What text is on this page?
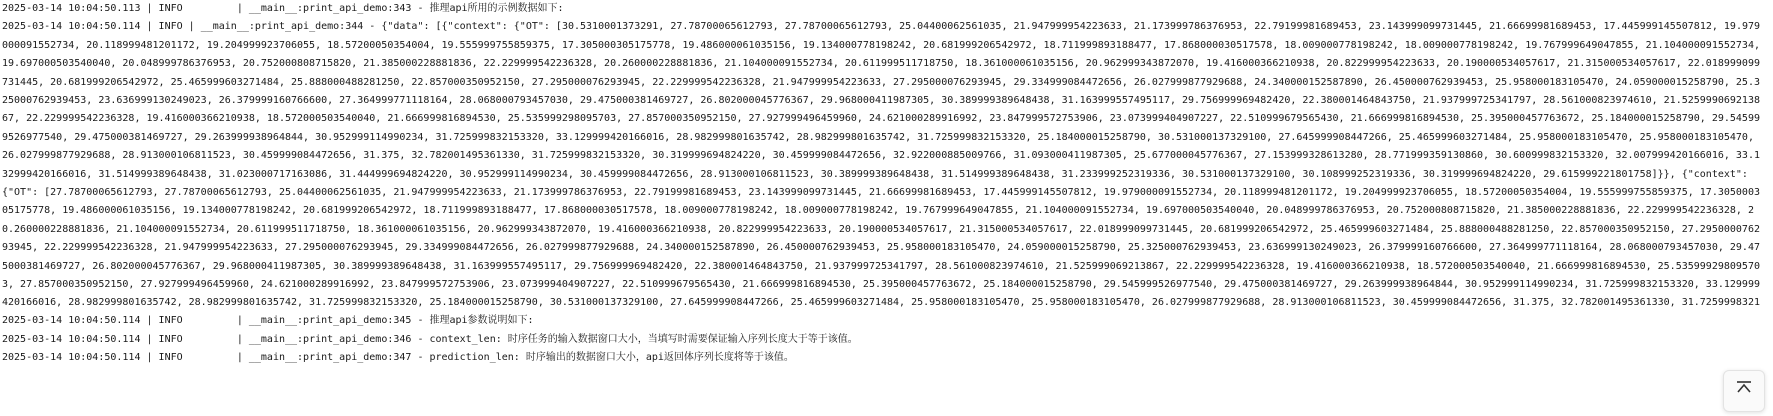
2025-03-14 10:04:50.113 | INFO	| __main__:print_api_demo:343 - 推理api所用的示例数据如下:
2025-03-14 10:04:50.114 | INFO | __main__:print_api_demo:344 - {"data": [{"context": {"OT": [30.5310001373291, 27.78700065612793, 27.78700065612793, 25.04400062561035, 21.947999954223633, 21.173999786376953, 22.79199981689453, 23.143999099731445, 21.66699981689453, 17.445999145507812, 19.979000091552734, 20.118999481201172, 19.204999923706055, 18.57200050354004, 19.555999755859375, 17.305000305175778, 19.486000061035156, 19.134000778198242, 20.681999206542972, 18.711999893188477, 17.868000030517578, 18.009000778198242, 18.009000778198242, 19.767999649047855, 21.104000091552734, 19.697000503540040, 20.048999786376953, 20.752000808715820, 21.385000228881836, 22.229999542236328, 20.260000228881836, 21.104000091552734, 20.611999511718750, 18.361000061035156, 20.962999343872070, 19.416000366210938, 20.822999954223633, 20.190000534057617, 21.315000534057617, 22.018999099731445, 20.681999206542972, 25.465999603271484, 25.888000488281250, 22.857000350952150, 27.295000076293945, 22.229999542236328, 21.947999954223633, 27.295000076293945, 29.334999084472656, 26.027999877929688, 24.340000152587890, 26.450000762939453, 25.958000183105470, 24.059000015258790, 25.325000762939453, 23.636999130249023, 26.379999160766600, 27.364999771118164, 28.068000793457030, 29.475000381469727, 26.802000045776367, 29.968000411987305, 30.389999389648438, 31.163999557495117, 29.756999969482420, 22.380001464843750, 21.937999725341797, 28.561000823974610, 21.525999069213867, 22.229999542236328, 19.416000366210938, 18.572000503540040, 21.666999816894530, 25.535999298095703, 27.857000350952150, 27.927999496459960, 24.621000289916992, 23.847999572753906, 23.073999404907227, 22.510999679565430, 21.666999816894530, 25.395000457763672, 25.184000015258790, 29.545999526977540, 29.475000381469727, 29.263999938964844, 30.952999114990234, 31.725999832153320, 33.129999420166016, 28.982999801635742, 28.982999801635742, 31.725999832153320, 25.184000015258790, 30.531000137329100, 27.645999908447266, 25.465999603271484, 25.958000183105470, 25.958000183105470, 26.027999877929688, 28.913000106811523, 30.459999084472656, 31.375, 32.782001495361330, 31.725999832153320, 30.319999694824220, 30.459999084472656, 32.922000885009766, 31.093000411987305, 25.677000045776367, 27.153999328613280, 28.771999359130860, 30.600999832153320, 32.007999420166016, 33.132999420166016, 31.514999389648438, 31.023000717163086, 31.444999694824220, 30.952999114990234, 30.459999084472656, 28.913000106811523, 30.389999389648438, 31.514999389648438, 31.233999252319336, 30.531000137329100, 30.108999252319336, 30.319999694824220, 29.615999221801758]}}, {"context": {"OT": [27.78700065612793, 27.78700065612793, 25.04400062561035, 21.947999954223633, 21.173999786376953, 22.79199981689453, 23.143999099731445, 21.66699981689453, 17.445999145507812, 19.979000091552734, 20.118999481201172, 19.204999923706055, 18.57200050354004, 19.555999755859375, 17.305000305175778, 19.486000061035156, 19.134000778198242, 20.681999206542972, 18.711999893188477, 17.868000030517578, 18.009000778198242, 18.009000778198242, 19.767999649047855, 21.104000091552734, 19.697000503540040, 20.048999786376953, 20.752000808715820, 21.385000228881836, 22.229999542236328, 20.260000228881836, 21.104000091552734, 20.611999511718750, 18.361000061035156, 20.962999343872070, 19.416000366210938, 20.822999954223633, 20.190000534057617, 21.315000534057617, 22.018999099731445, 20.681999206542972, 25.465999603271484, 25.888000488281250, 22.857000350952150, 27.295000076293945, 22.229999542236328, 21.947999954223633, 27.295000076293945, 29.334999084472656, 26.027999877929688, 24.340000152587890, 26.450000762939453, 25.958000183105470, 24.059000015258790, 25.325000762939453, 23.636999130249023, 26.379999160766600, 27.364999771118164, 28.068000793457030, 29.475000381469727, 26.802000045776367, 29.968000411987305, 30.389999389648438, 31.163999557495117, 29.756999969482420, 22.380001464843750, 21.937999725341797, 28.561000823974610, 21.525999069213867, 22.229999542236328, 19.416000366210938, 18.572000503540040, 21.666999816894530, 25.535999298095703, 27.857000350952150, 27.927999496459960, 24.621000289916992, 23.847999572753906, 23.073999404907227, 22.510999679565430, 21.666999816894530, 25.395000457763672, 25.184000015258790, 29.545999526977540, 29.475000381469727, 29.263999938964844, 30.952999114990234, 31.725999832153320, 33.129999420166016, 28.982999801635742, 28.982999801635742, 31.725999832153320, 25.184000015258790, 30.531000137329100, 27.645999908447266, 25.465999603271484, 25.958000183105470, 25.958000183105470, 26.027999877929688, 28.913000106811523, 30.459999084472656, 31.375, 32.782001495361330, 31.7259998321
2025-03-14 10:04:50.114 | INFO	| __main__:print_api_demo:345 - 推理api参数说明如下:
2025-03-14 10:04:50.114 | INFO	| __main__:print_api_demo:346 - context_len: 时序任务的输入数据窗口大小，当填写时需要保证输入序列长度大于等于该值。
2025-03-14 10:04:50.114 | INFO	| __main__:print_api_demo:347 - prediction_len: 时序输出的数据窗口大小，api返回体序列长度将等于该值。
